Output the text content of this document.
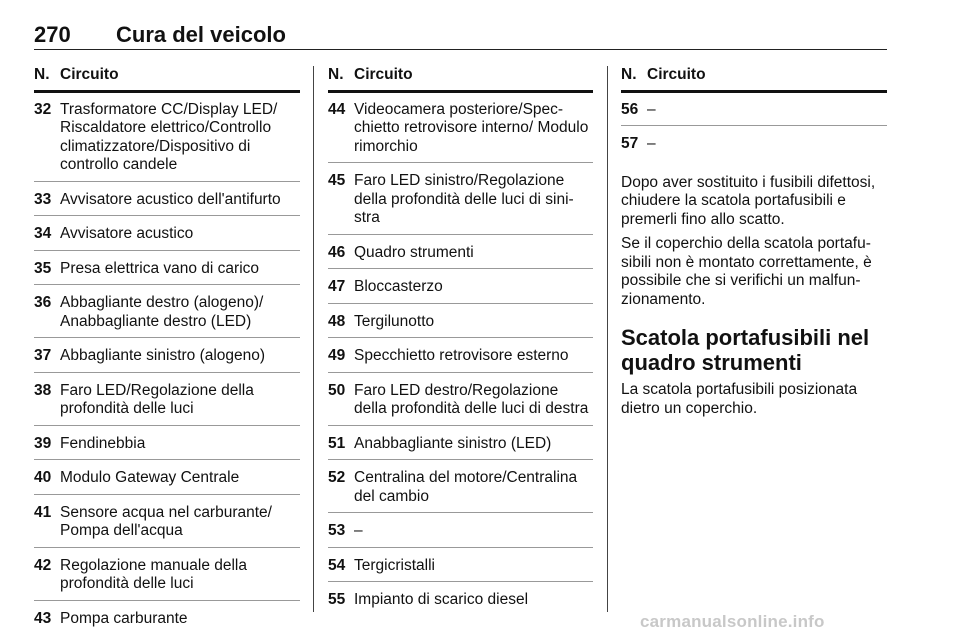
270	Cura del veicolo
N. Circuito
32 Trasformatore CC/Display LED/ Riscaldatore elettrico/Controllo climatizzatore/Dispositivo di controllo candele
33 Avvisatore acustico dell'antifurto
34 Avvisatore acustico
35 Presa elettrica vano di carico
36 Abbagliante destro (alogeno)/ Anabbagliante destro (LED)
37 Abbagliante sinistro (alogeno)
38 Faro LED/Regolazione della profondità delle luci
39 Fendinebbia
40 Modulo Gateway Centrale
41 Sensore acqua nel carburante/ Pompa dell'acqua
42 Regolazione manuale della profondità delle luci
43 Pompa carburante
N. Circuito
44 Videocamera posteriore/Spec- chietto retrovisore interno/ Modulo rimorchio
45 Faro LED sinistro/Regolazione della profondità delle luci di sini- stra
46 Quadro strumenti
47 Bloccasterzo
48 Tergilunotto
49 Specchietto retrovisore esterno
50 Faro LED destro/Regolazione della profondità delle luci di destra
51 Anabbagliante sinistro (LED)
52 Centralina del motore/Centralina del cambio
53 –
54 Tergicristalli
55 Impianto di scarico diesel
N. Circuito
56 –
57 –

Dopo aver sostituito i fusibili difettosi, chiudere la scatola portafusibili e premerli fino allo scatto.

Se il coperchio della scatola portafu- sibili non è montato correttamente, è possibile che si verifichi un malfun- zionamento.

Scatola portafusibili nel quadro strumenti

La scatola portafusibili posizionata dietro un coperchio.

carmanualsonline.info
